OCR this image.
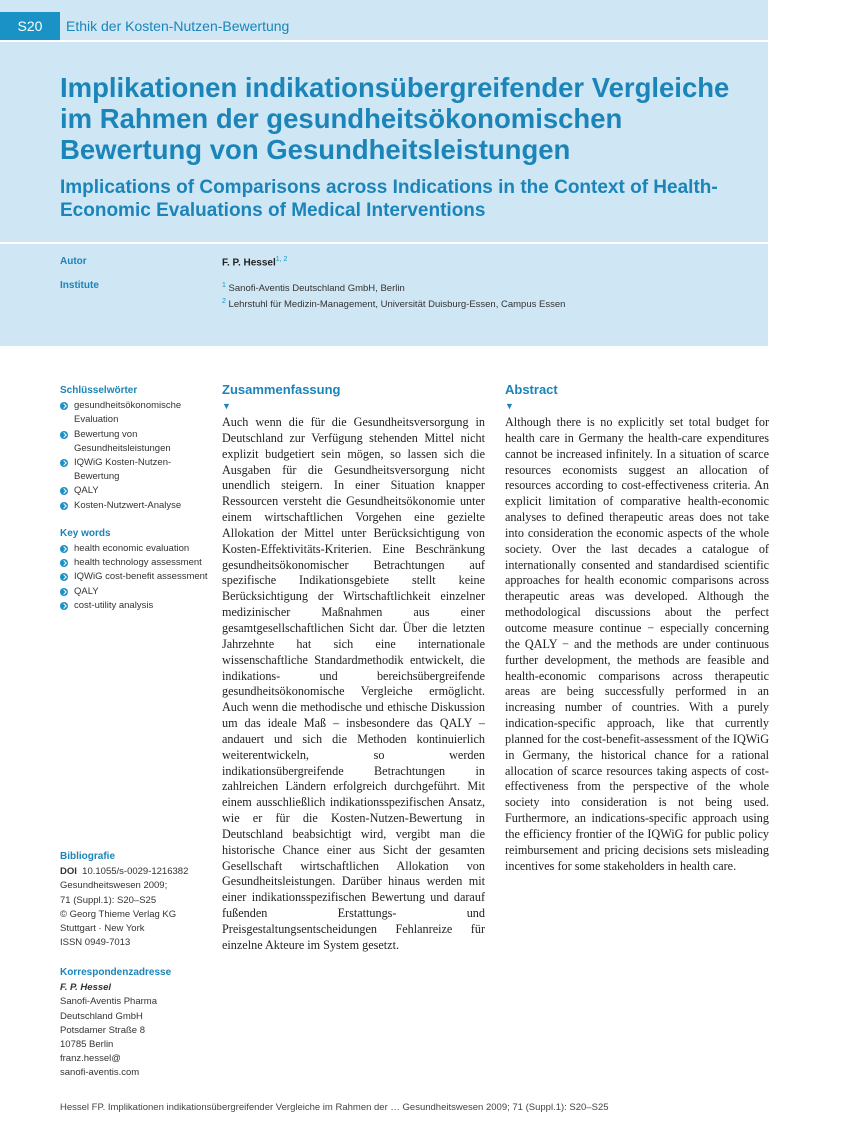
S20	Ethik der Kosten-Nutzen-Bewertung
Implikationen indikationsübergreifender Vergleiche im Rahmen der gesundheitsökonomischen Bewertung von Gesundheitsleistungen
Implications of Comparisons across Indications in the Context of Health-Economic Evaluations of Medical Interventions
Autor	F. P. Hessel$^{1, 2}$
Institute	$^1$ Sanofi-Aventis Deutschland GmbH, Berlin
$^2$ Lehrstuhl für Medizin-Management, Universität Duisburg-Essen, Campus Essen
Schlüsselwörter
gesundheitsökonomische Evaluation
Bewertung von Gesundheitsleistungen
IQWiG Kosten-Nutzen-Bewertung
QALY
Kosten-Nutzwert-Analyse
Key words
health economic evaluation
health technology assessment
IQWiG cost-benefit assessment
QALY
cost-utility analysis
Bibliografie
DOI 10.1055/s-0029-1216382
Gesundheitswesen 2009;
71 (Suppl.1): S20–S25
© Georg Thieme Verlag KG
Stuttgart · New York
ISSN 0949-7013
Korrespondenzadresse
F. P. Hessel
Sanofi-Aventis Pharma
Deutschland GmbH
Potsdamer Straße 8
10785 Berlin
franz.hessel@
sanofi-aventis.com
Zusammenfassung
▼
Auch wenn die für die Gesundheitsversorgung in Deutschland zur Verfügung stehenden Mittel nicht explizit budgetiert sein mögen, so lassen sich die Ausgaben für die Gesundheitsversorgung nicht unendlich steigern. In einer Situation knapper Ressourcen versteht die Gesundheitsökonomie unter einem wirtschaftlichen Vorgehen eine gezielte Allokation der Mittel unter Berücksichtigung von Kosten-Effektivitäts-Kriterien. Eine Beschränkung gesundheitsökonomischer Betrachtungen auf spezifische Indikationsgebiete stellt keine Berücksichtigung der Wirtschaftlichkeit einzelner medizinischer Maßnahmen aus einer gesamtgesellschaftlichen Sicht dar. Über die letzten Jahrzehnte hat sich eine internationale wissenschaftliche Standardmethodik entwickelt, die indikations- und bereichsübergreifende gesundheitsökonomische Vergleiche ermöglicht. Auch wenn die methodische und ethische Diskussion um das ideale Maß – insbesondere das QALY – andauert und sich die Methoden kontinuierlich weiterentwickeln, so werden indikationsübergreifende Betrachtungen in zahlreichen Ländern erfolgreich durchgeführt. Mit einem ausschließlich indikationsspezifischen Ansatz, wie er für die Kosten-Nutzen-Bewertung in Deutschland beabsichtigt wird, vergibt man die historische Chance einer aus Sicht der gesamten Gesellschaft wirtschaftlichen Allokation von Gesundheitsleistungen. Darüber hinaus werden mit einer indikationsspezifischen Bewertung und darauf fußenden Erstattungs- und Preisgestaltungsentscheidungen Fehlanreize für einzelne Akteure im System gesetzt.
Abstract
▼
Although there is no explicitly set total budget for health care in Germany the health-care expenditures cannot be increased infinitely. In a situation of scarce resources economists suggest an allocation of resources according to cost-effectiveness criteria. An explicit limitation of comparative health-economic analyses to defined therapeutic areas does not take into consideration the economic aspects of the whole society. Over the last decades a catalogue of internationally consented and standardised scientific approaches for health economic comparisons across therapeutic areas was developed. Although the methodological discussions about the perfect outcome measure continue − especially concerning the QALY − and the methods are under continuous further development, the methods are feasible and health-economic comparisons across therapeutic areas are being successfully performed in an increasing number of countries. With a purely indication-specific approach, like that currently planned for the cost-benefit-assessment of the IQWiG in Germany, the historical chance for a rational allocation of scarce resources taking aspects of cost-effectiveness from the perspective of the whole society into consideration is not being used. Furthermore, an indications-specific approach using the efficiency frontier of the IQWiG for public policy reimbursement and pricing decisions sets misleading incentives for some stakeholders in health care.
Hessel FP. Implikationen indikationsübergreifender Vergleiche im Rahmen der … Gesundheitswesen 2009; 71 (Suppl.1): S20–S25
